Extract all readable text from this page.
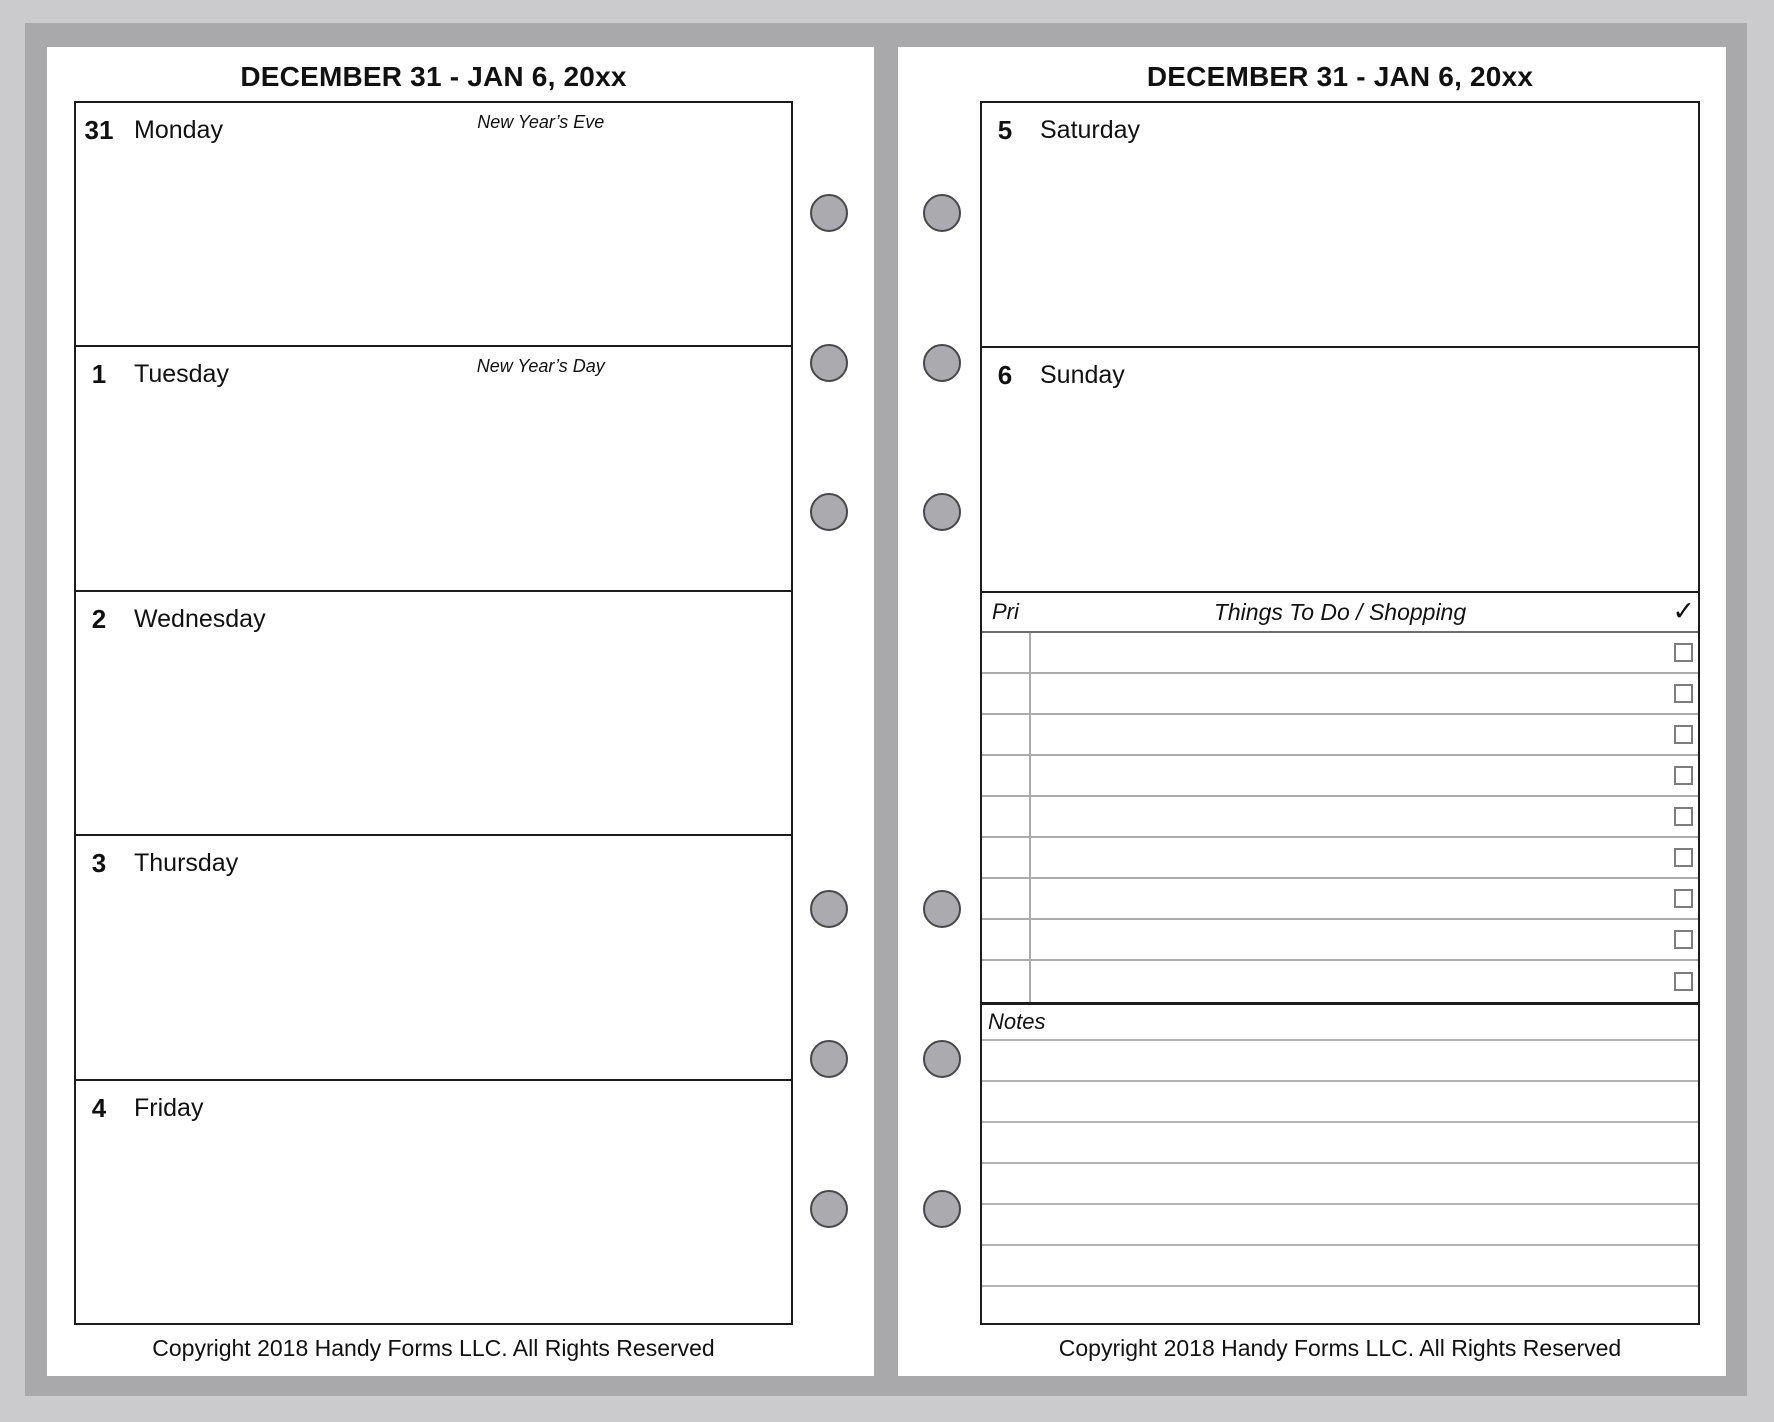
DECEMBER 31 - JAN 6, 20xx
31 Monday	New Year’s Eve
1	Tuesday	New Year’s Day
2	Wednesday
3	Thursday
4	Friday
Copyright 2018 Handy Forms LLC. All Rights Reserved
DECEMBER 31 - JAN 6, 20xx
5	Saturday
6	Sunday
Pri	Things To Do / Shopping	✓
Notes
Copyright 2018 Handy Forms LLC. All Rights Reserved
